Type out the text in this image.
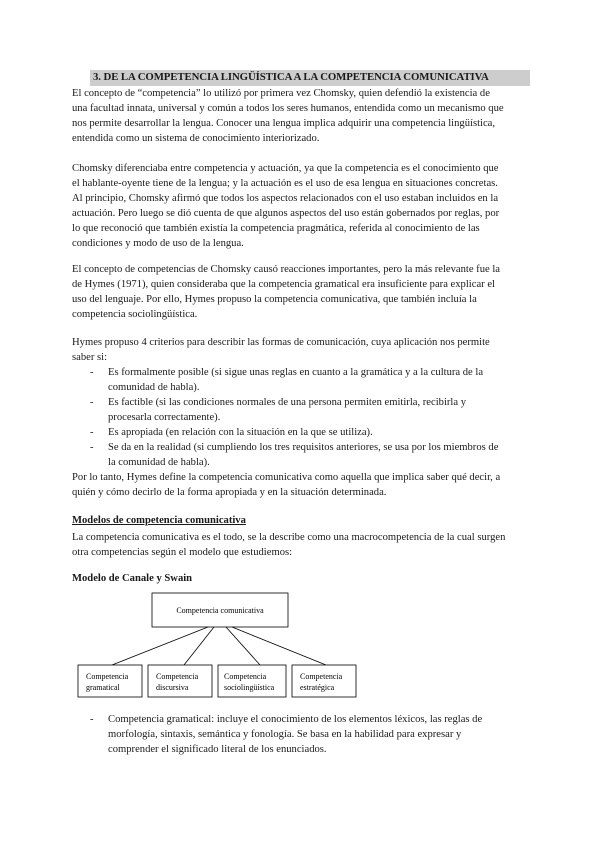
3. DE LA COMPETENCIA LINGÜÍSTICA A LA COMPETENCIA COMUNICATIVA
El concepto de “competencia” lo utilizó por primera vez Chomsky, quien defendió la existencia de
una facultad innata, universal y común a todos los seres humanos, entendida como un mecanismo que
nos permite desarrollar la lengua. Conocer una lengua implica adquirir una competencia lingüística,
entendida como un sistema de conocimiento interiorizado.
Chomsky diferenciaba entre competencia y actuación, ya que la competencia es el conocimiento que
el hablante-oyente tiene de la lengua; y la actuación es el uso de esa lengua en situaciones concretas.
Al principio, Chomsky afirmó que todos los aspectos relacionados con el uso estaban incluidos en la
actuación. Pero luego se dió cuenta de que algunos aspectos del uso están gobernados por reglas, por
lo que reconoció que también existía la competencia pragmática, referida al conocimiento de las
condiciones y modo de uso de la lengua.
El concepto de competencias de Chomsky causó reacciones importantes, pero la más relevante fue la
de Hymes (1971), quien consideraba que la competencia gramatical era insuficiente para explicar el
uso del lenguaje. Por ello, Hymes propuso la competencia comunicativa, que también incluía la
competencia sociolingüística.
Hymes propuso 4 criterios para describir las formas de comunicación, cuya aplicación nos permite
saber si:
- Es formalmente posible (si sigue unas reglas en cuanto a la gramática y a la cultura de la
comunidad de habla).
- Es factible (si las condiciones normales de una persona permiten emitirla, recibirla y
procesarla correctamente).
- Es apropiada (en relación con la situación en la que se utiliza).
- Se da en la realidad (si cumpliendo los tres requisitos anteriores, se usa por los miembros de
la comunidad de habla).
Por lo tanto, Hymes define la competencia comunicativa como aquella que implica saber qué decir, a
quién y cómo decirlo de la forma apropiada y en la situación determinada.
Modelos de competencia comunicativa
La competencia comunicativa es el todo, se la describe como una macrocompetencia de la cual surgen
otra competencias según el modelo que estudiemos:
Modelo de Canale y Swain
Competencia comunicativa
Competencia
gramatical
Competencia
discursiva
Competencia
sociolingüística
Competencia
estratégica
- Competencia gramatical: incluye el conocimiento de los elementos léxicos, las reglas de
morfología, sintaxis, semántica y fonología. Se basa en la habilidad para expresar y
comprender el significado literal de los enunciados.
